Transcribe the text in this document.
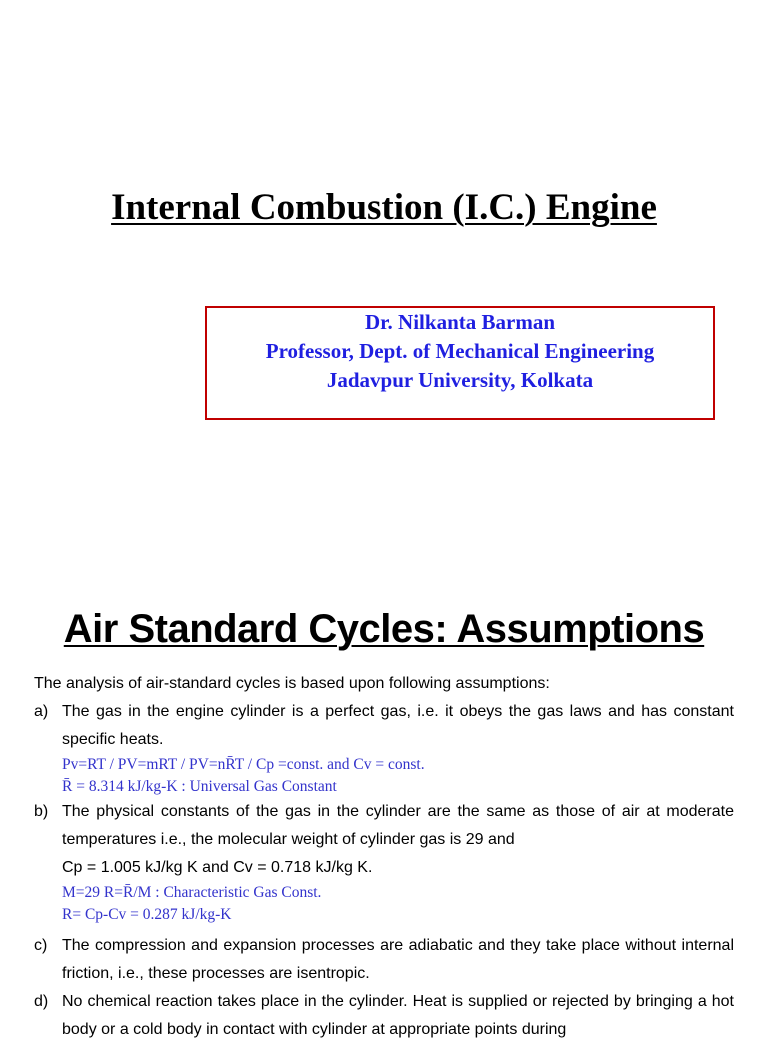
Internal Combustion (I.C.) Engine
Dr. Nilkanta Barman
Professor, Dept. of Mechanical Engineering
Jadavpur University, Kolkata
Air Standard Cycles: Assumptions
The analysis of air-standard cycles is based upon following assumptions:
a) The gas in the engine cylinder is a perfect gas, i.e. it obeys the gas laws and has constant specific heats.
Pv=RT / PV=mRT / PV=nR̄T / Cp =const. and Cv = const.
R̄ = 8.314 kJ/kg-K : Universal Gas Constant
b) The physical constants of the gas in the cylinder are the same as those of air at moderate temperatures i.e., the molecular weight of cylinder gas is 29 and
Cp = 1.005 kJ/kg K and Cv = 0.718 kJ/kg K.
M=29 R=R̄/M : Characteristic Gas Const.
R= Cp-Cv = 0.287 kJ/kg-K
c) The compression and expansion processes are adiabatic and they take place without internal friction, i.e., these processes are isentropic.
d) No chemical reaction takes place in the cylinder. Heat is supplied or rejected by bringing a hot body or a cold body in contact with cylinder at appropriate points during
